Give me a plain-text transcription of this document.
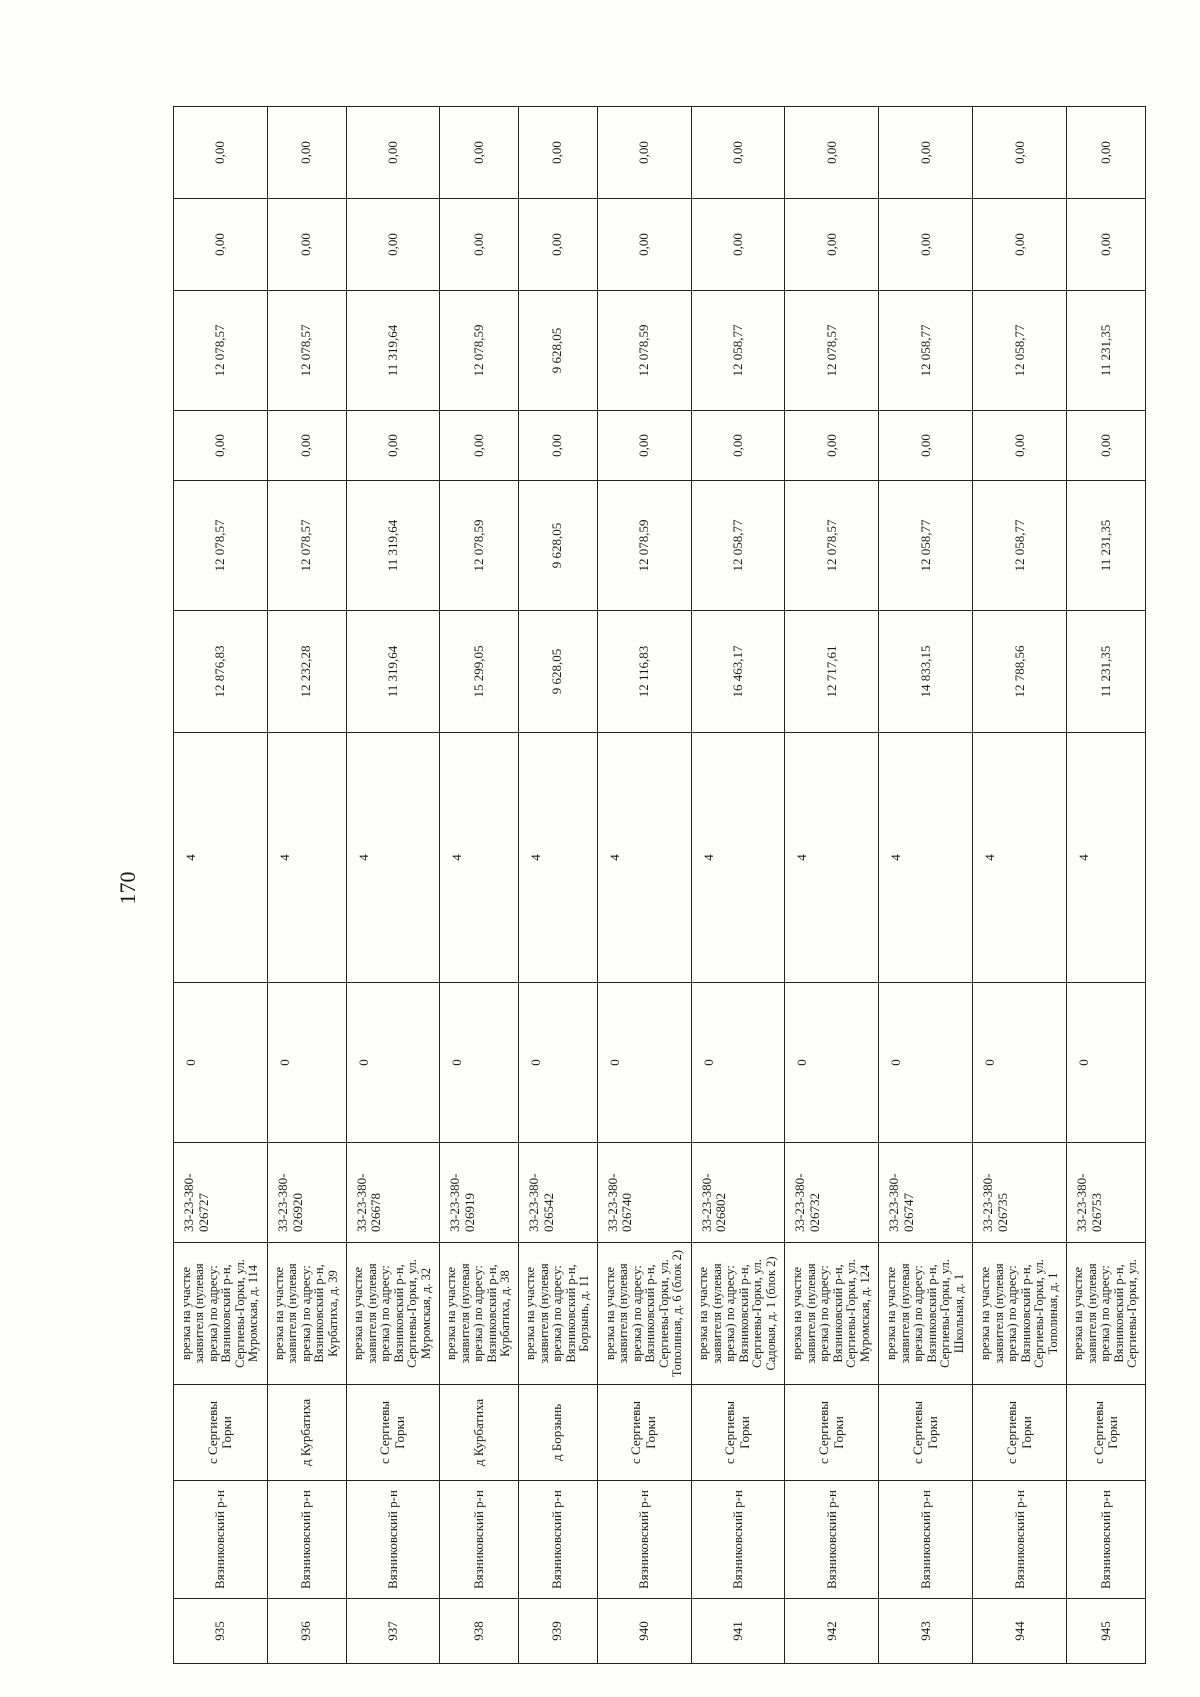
170
935	Вязниковский р-н	с Сергиевы Горки	врезка на участке заявителя (нулевая врезка) по адресу: Вязниковский р-н, Сергиевы-Горки, ул. Муромская, д. 114	33-23-380-026727	0	4	12 876,83	12 078,57	0,00	12 078,57	0,00	0,00
936	Вязниковский р-н	д Курбатиха	врезка на участке заявителя (нулевая врезка) по адресу: Вязниковский р-н, Курбатиха, д. 39	33-23-380-026920	0	4	12 232,28	12 078,57	0,00	12 078,57	0,00	0,00
937	Вязниковский р-н	с Сергиевы Горки	врезка на участке заявителя (нулевая врезка) по адресу: Вязниковский р-н, Сергиевы-Горки, ул. Муромская, д. 32	33-23-380-026678	0	4	11 319,64	11 319,64	0,00	11 319,64	0,00	0,00
938	Вязниковский р-н	д Курбатиха	врезка на участке заявителя (нулевая врезка) по адресу: Вязниковский р-н, Курбатиха, д. 38	33-23-380-026919	0	4	15 299,05	12 078,59	0,00	12 078,59	0,00	0,00
939	Вязниковский р-н	д Борзынь	врезка на участке заявителя (нулевая врезка) по адресу: Вязниковский р-н, Борзынь, д. 11	33-23-380-026542	0	4	9 628,05	9 628,05	0,00	9 628,05	0,00	0,00
940	Вязниковский р-н	с Сергиевы Горки	врезка на участке заявителя (нулевая врезка) по адресу: Вязниковский р-н, Сергиевы-Горки, ул. Тополиная, д. 6 (блок 2)	33-23-380-026740	0	4	12 116,83	12 078,59	0,00	12 078,59	0,00	0,00
941	Вязниковский р-н	с Сергиевы Горки	врезка на участке заявителя (нулевая врезка) по адресу: Вязниковский р-н, Сергиевы-Горки, ул. Садовая, д. 1 (блок 2)	33-23-380-026802	0	4	16 463,17	12 058,77	0,00	12 058,77	0,00	0,00
942	Вязниковский р-н	с Сергиевы Горки	врезка на участке заявителя (нулевая врезка) по адресу: Вязниковский р-н, Сергиевы-Горки, ул. Муромская, д. 124	33-23-380-026732	0	4	12 717,61	12 078,57	0,00	12 078,57	0,00	0,00
943	Вязниковский р-н	с Сергиевы Горки	врезка на участке заявителя (нулевая врезка) по адресу: Вязниковский р-н, Сергиевы-Горки, ул. Школьная, д. 1	33-23-380-026747	0	4	14 833,15	12 058,77	0,00	12 058,77	0,00	0,00
944	Вязниковский р-н	с Сергиевы Горки	врезка на участке заявителя (нулевая врезка) по адресу: Вязниковский р-н, Сергиевы-Горки, ул. Тополиная, д. 1	33-23-380-026735	0	4	12 788,56	12 058,77	0,00	12 058,77	0,00	0,00
945	Вязниковский р-н	с Сергиевы Горки	врезка на участке заявителя (нулевая врезка) по адресу: Вязниковский р-н, Сергиевы-Горки, ул.	33-23-380-026753	0	4	11 231,35	11 231,35	0,00	11 231,35	0,00	0,00
